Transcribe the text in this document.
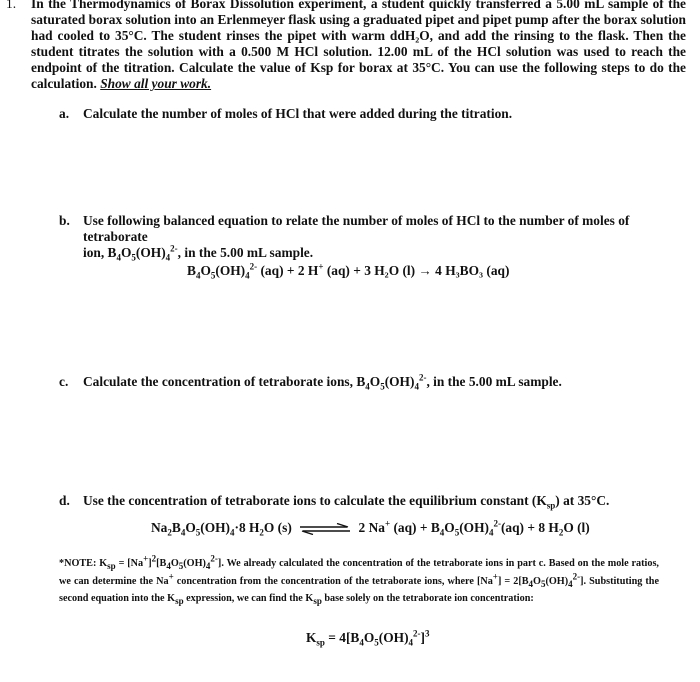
1. In the Thermodynamics of Borax Dissolution experiment, a student quickly transferred a 5.00 mL sample of the saturated borax solution into an Erlenmeyer flask using a graduated pipet and pipet pump after the borax solution had cooled to 35°C. The student rinses the pipet with warm ddH₂O, and add the rinsing to the flask. Then the student titrates the solution with a 0.500 M HCl solution. 12.00 mL of the HCl solution was used to reach the endpoint of the titration. Calculate the value of Ksp for borax at 35°C. You can use the following steps to do the calculation. Show all your work.
a. Calculate the number of moles of HCl that were added during the titration.
b. Use following balanced equation to relate the number of moles of HCl to the number of moles of tetraborate
ion, $B_4O_5(OH)_4^{2-}$, in the 5.00 mL sample.
$B_4O_5(OH)_4^{2-}$ (aq) + 2 H+ (aq) + 3 H₂O (l) → 4 H₃BO₃ (aq)
c. Calculate the concentration of tetraborate ions, $B_4O_5(OH)_4^{2-}$, in the 5.00 mL sample.
d. Use the concentration of tetraborate ions to calculate the equilibrium constant $(K_{sp})$ at 35°C.
$Na_2B_4O_5(OH)_4\cdot 8$ $H_2O$ (s) ⇌ 2 Na+ $(aq) + B_4O_5(OH)_4^{2-}(aq) + 8$ $H_2O$ (l)
*NOTE: $K_{sp} = [Na^+]^2[B_4O_5(OH)_4^{2-}]$. We already calculated the concentration of the tetraborate ions in part c. Based on the mole ratios, we can determine the Na+ concentration from the concentration of the tetraborate ions, where $[Na^+] = 2[B_4O_5(OH)_4^{2-}]$. Substituting the second equation into the $K_{sp}$ expression, we can find the $K_{sp}$ base solely on the tetraborate ion concentration:
$K_{sp} = 4[B_4O_5(OH)_4^{2-}]^3$
